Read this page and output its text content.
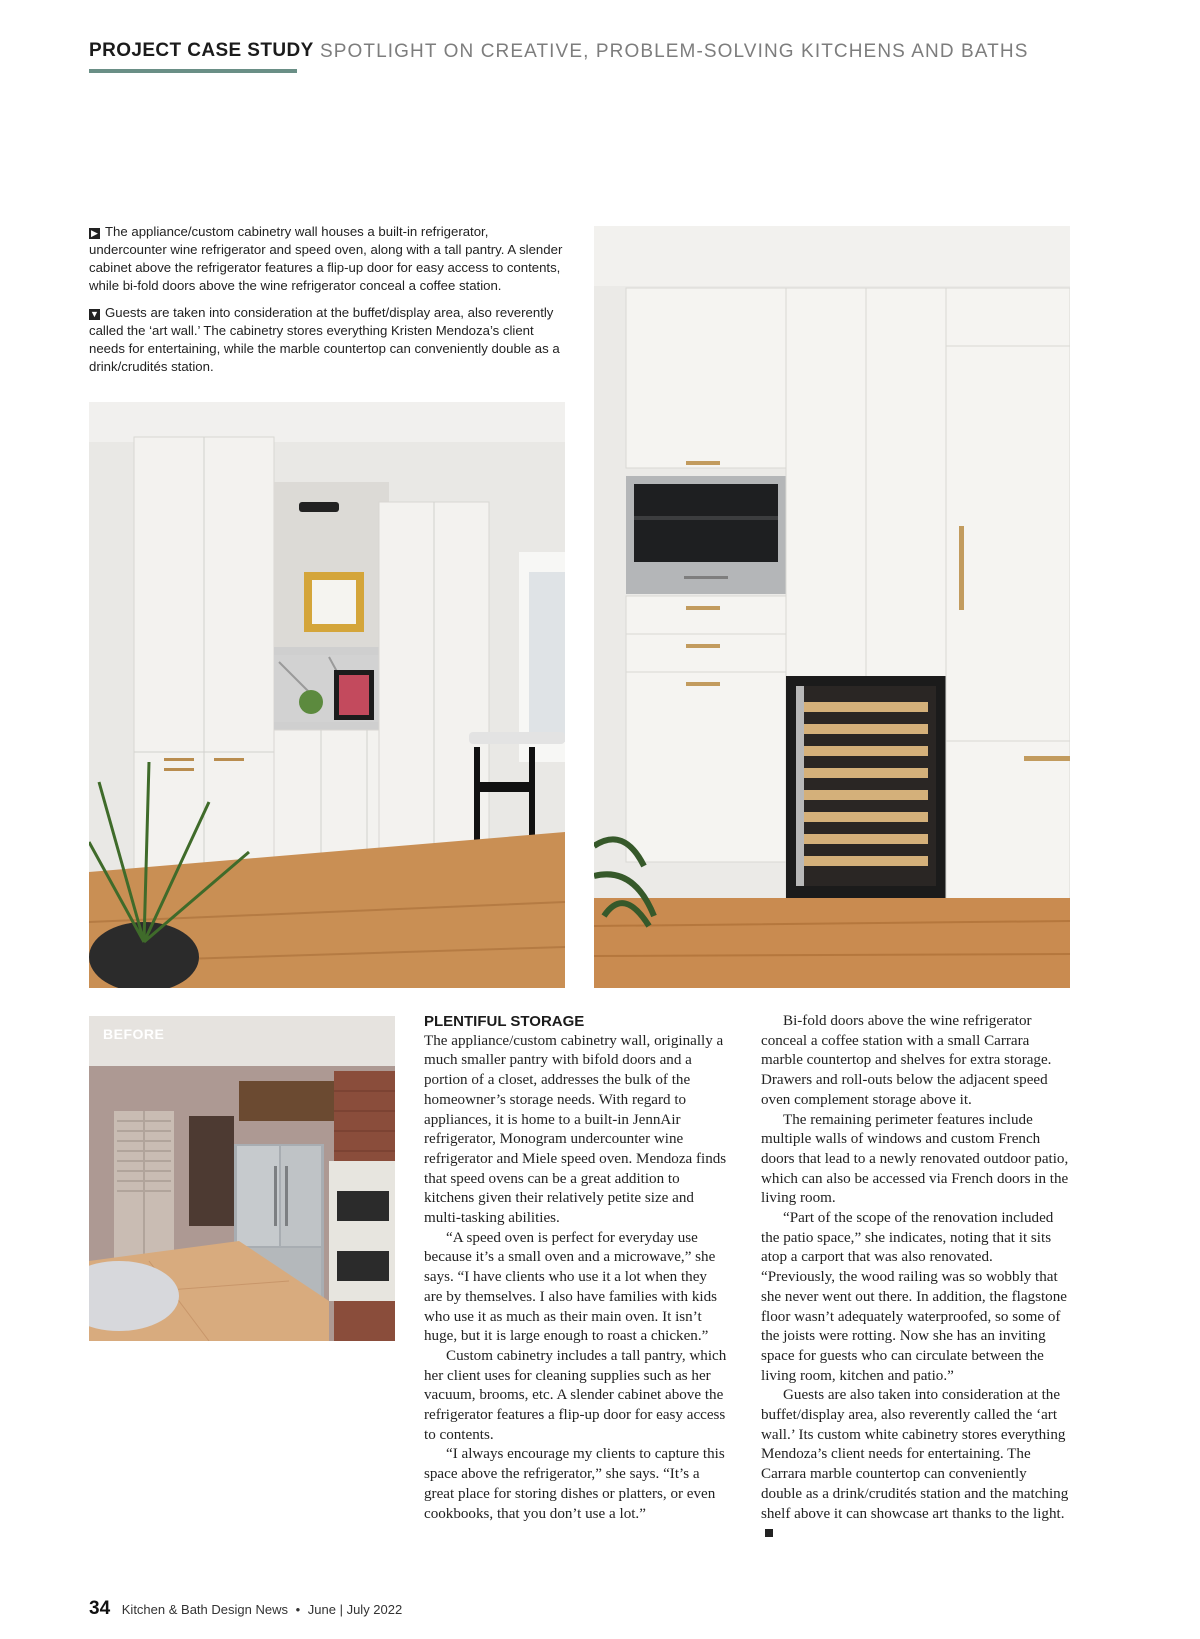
PROJECT CASE STUDY SPOTLIGHT ON CREATIVE, PROBLEM-SOLVING KITCHENS AND BATHS
▶ The appliance/custom cabinetry wall houses a built-in refrigerator, undercounter wine refrigerator and speed oven, along with a tall pantry. A slender cabinet above the refrigerator features a flip-up door for easy access to contents, while bi-fold doors above the wine refrigerator conceal a coffee station.
▼ Guests are taken into consideration at the buffet/display area, also reverently called the ‘art wall.’ The cabinetry stores everything Kristen Mendoza’s client needs for entertaining, while the marble countertop can conveniently double as a drink/crudités station.
BEFORE
PLENTIFUL STORAGE

The appliance/custom cabinetry wall, originally a much smaller pantry with bifold doors and a portion of a closet, addresses the bulk of the homeowner’s storage needs. With regard to appliances, it is home to a built-in JennAir refrigerator, Monogram undercounter wine refrigerator and Miele speed oven. Mendoza finds that speed ovens can be a great addition to kitchens given their relatively petite size and multi-tasking abilities.

“A speed oven is perfect for everyday use because it’s a small oven and a microwave,” she says. “I have clients who use it a lot when they are by themselves. I also have families with kids who use it as much as their main oven. It isn’t huge, but it is large enough to roast a chicken.”

Custom cabinetry includes a tall pantry, which her client uses for cleaning supplies such as her vacuum, brooms, etc. A slender cabinet above the refrigerator features a flip-up door for easy access to contents.

“I always encourage my clients to capture this space above the refrigerator,” she says. “It’s a great place for storing dishes or platters, or even cookbooks, that you don’t use a lot.”

Bi-fold doors above the wine refrigerator conceal a coffee station with a small Carrara marble countertop and shelves for extra storage. Drawers and roll-outs below the adjacent speed oven complement storage above it.

The remaining perimeter features include multiple walls of windows and custom French doors that lead to a newly renovated outdoor patio, which can also be accessed via French doors in the living room.

“Part of the scope of the renovation included the patio space,” she indicates, noting that it sits atop a carport that was also renovated. “Previously, the wood railing was so wobbly that she never went out there. In addition, the flagstone floor wasn’t adequately waterproofed, so some of the joists were rotting. Now she has an inviting space for guests who can circulate between the living room, kitchen and patio.”

Guests are also taken into consideration at the buffet/display area, also reverently called the ‘art wall.’ Its custom white cabinetry stores everything Mendoza’s client needs for entertaining. The Carrara marble countertop can conveniently double as a drink/crudités station and the matching shelf above it can showcase art thanks to the light.

34 Kitchen & Bath Design News • June | July 2022
